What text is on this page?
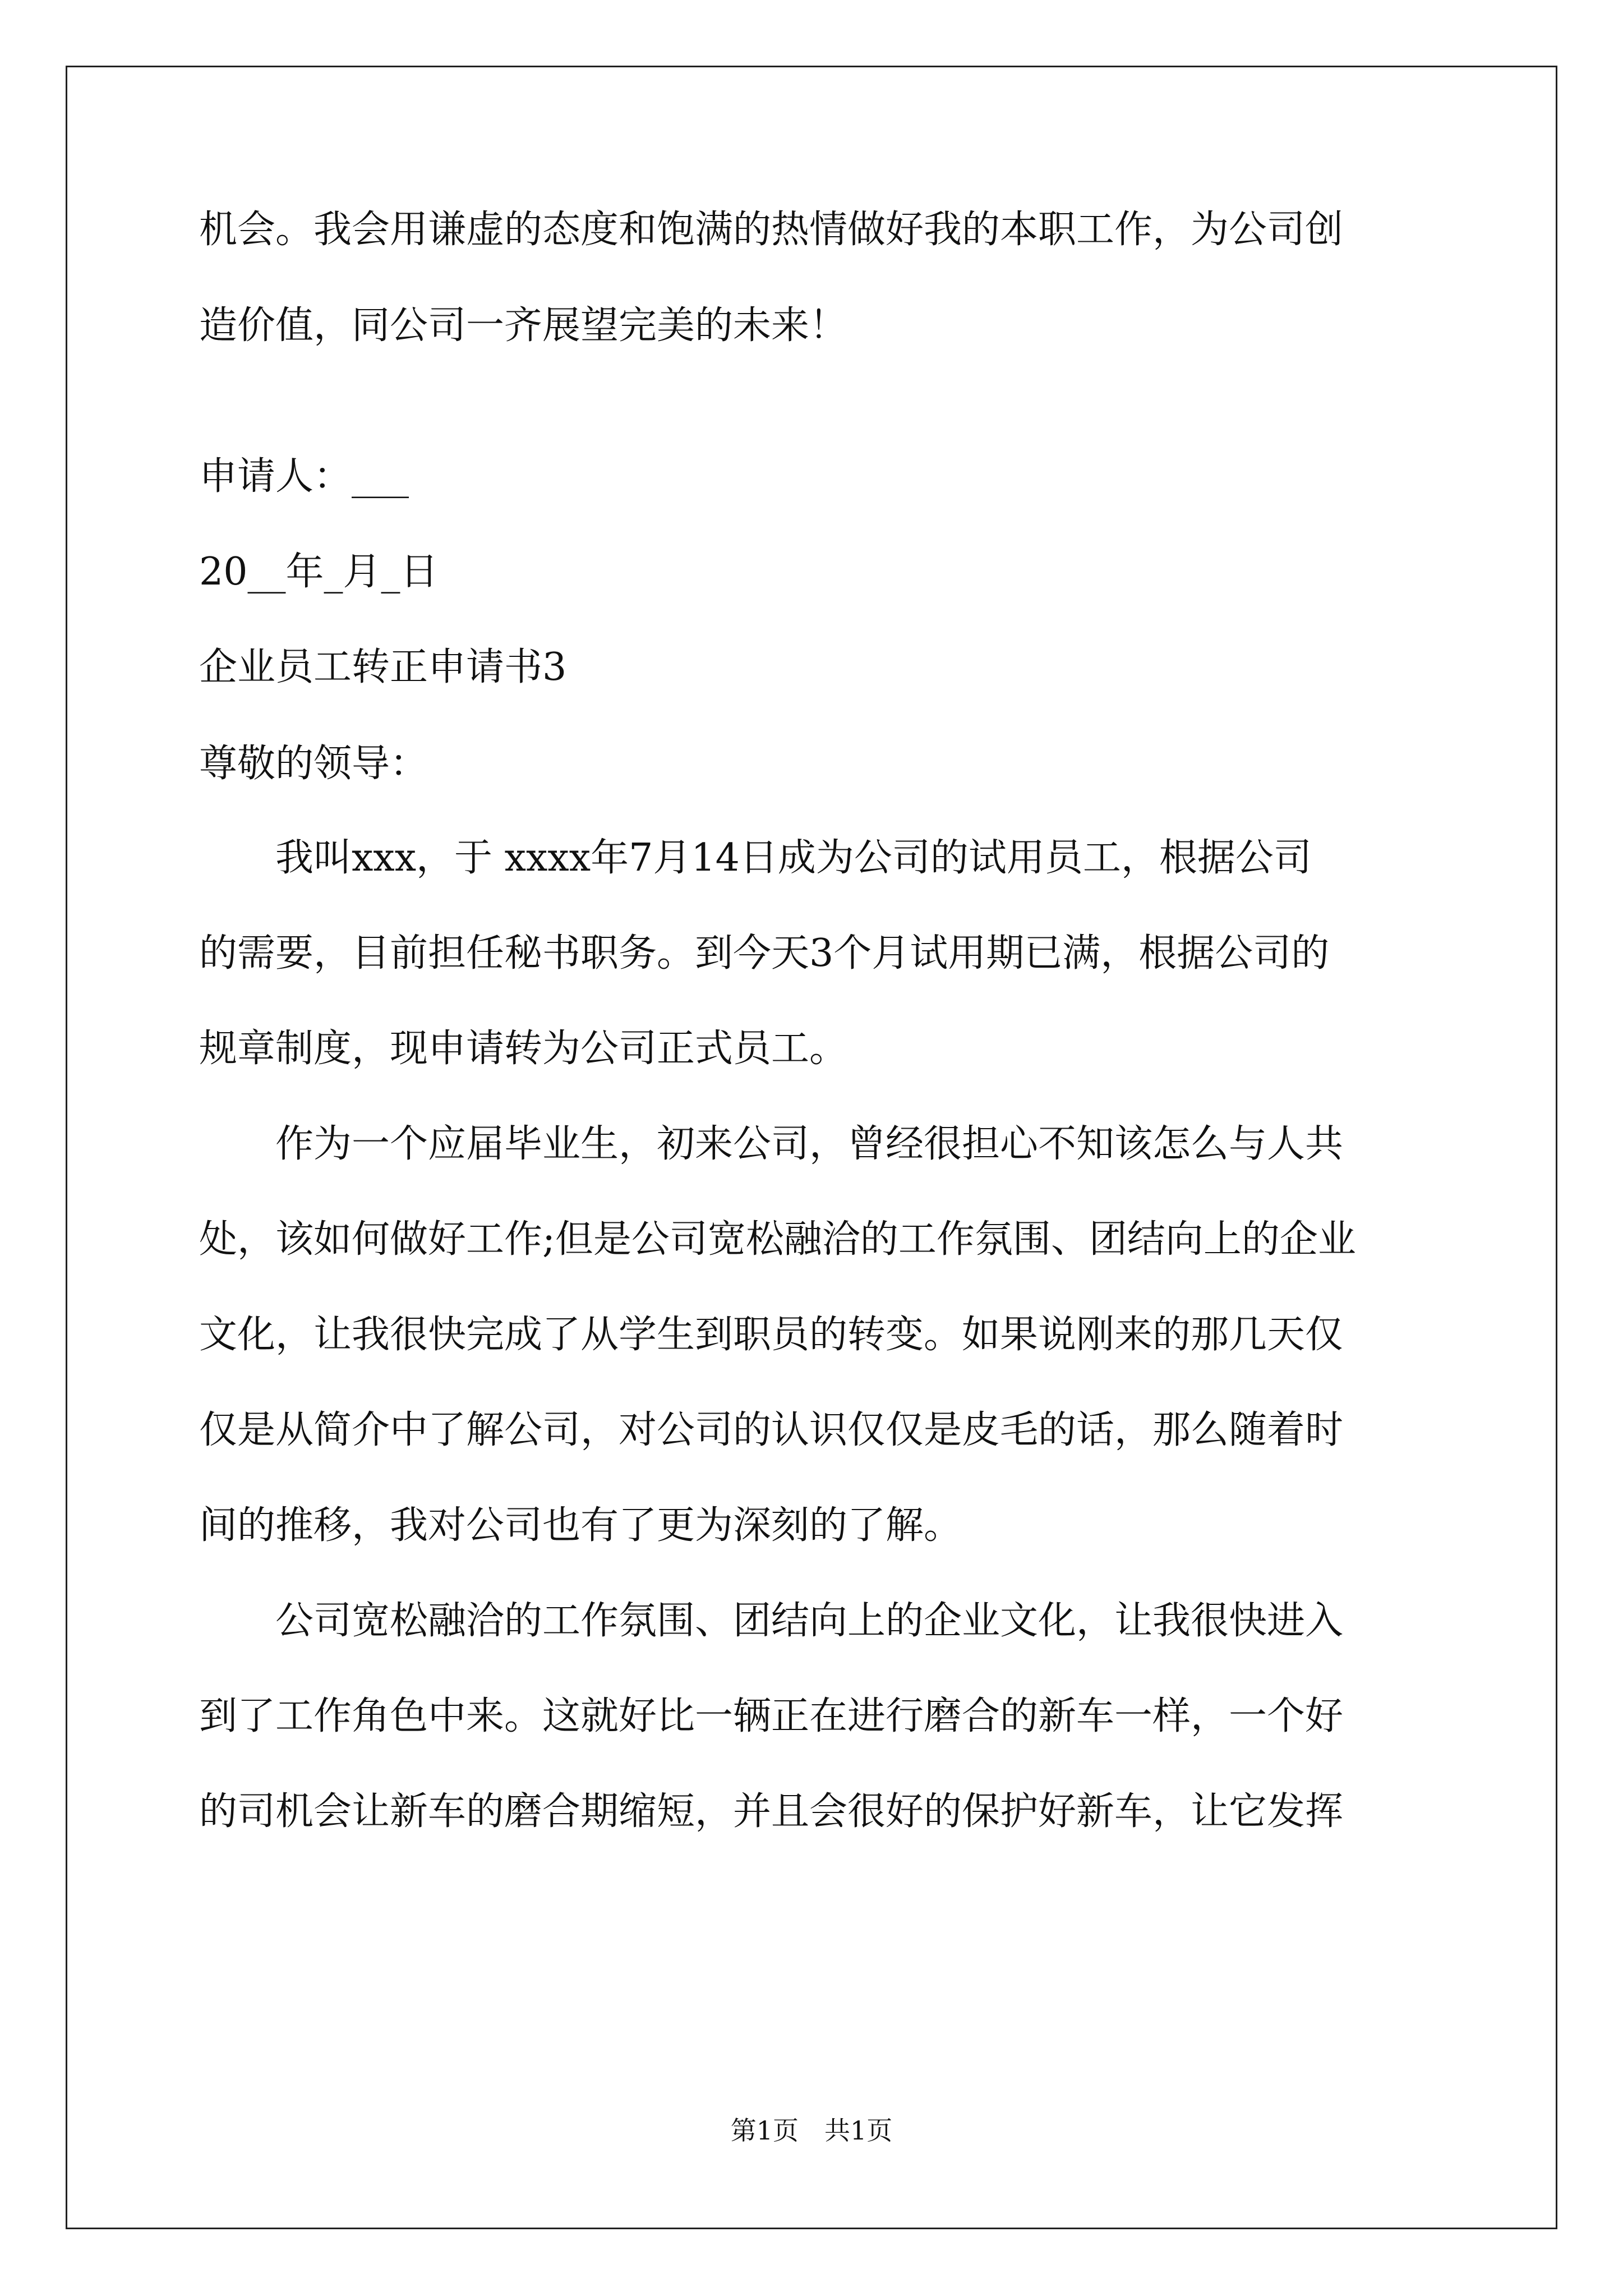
机会。我会用谦虚的态度和饱满的热情做好我的本职工作，为公司创
造价值，同公司一齐展望完美的未来！
申请人：___
20__年_月_日
企业员工转正申请书3
尊敬的领导：
　　我叫xxx，于 xxxx年7月14日成为公司的试用员工，根据公司
的需要，目前担任秘书职务。到今天3个月试用期已满，根据公司的
规章制度，现申请转为公司正式员工。
　　作为一个应届毕业生，初来公司，曾经很担心不知该怎么与人共
处，该如何做好工作;但是公司宽松融洽的工作氛围、团结向上的企业
文化，让我很快完成了从学生到职员的转变。如果说刚来的那几天仅
仅是从简介中了解公司，对公司的认识仅仅是皮毛的话，那么随着时
间的推移，我对公司也有了更为深刻的了解。
　　公司宽松融洽的工作氛围、团结向上的企业文化，让我很快进入
到了工作角色中来。这就好比一辆正在进行磨合的新车一样，一个好
的司机会让新车的磨合期缩短，并且会很好的保护好新车，让它发挥
第1页　共1页
